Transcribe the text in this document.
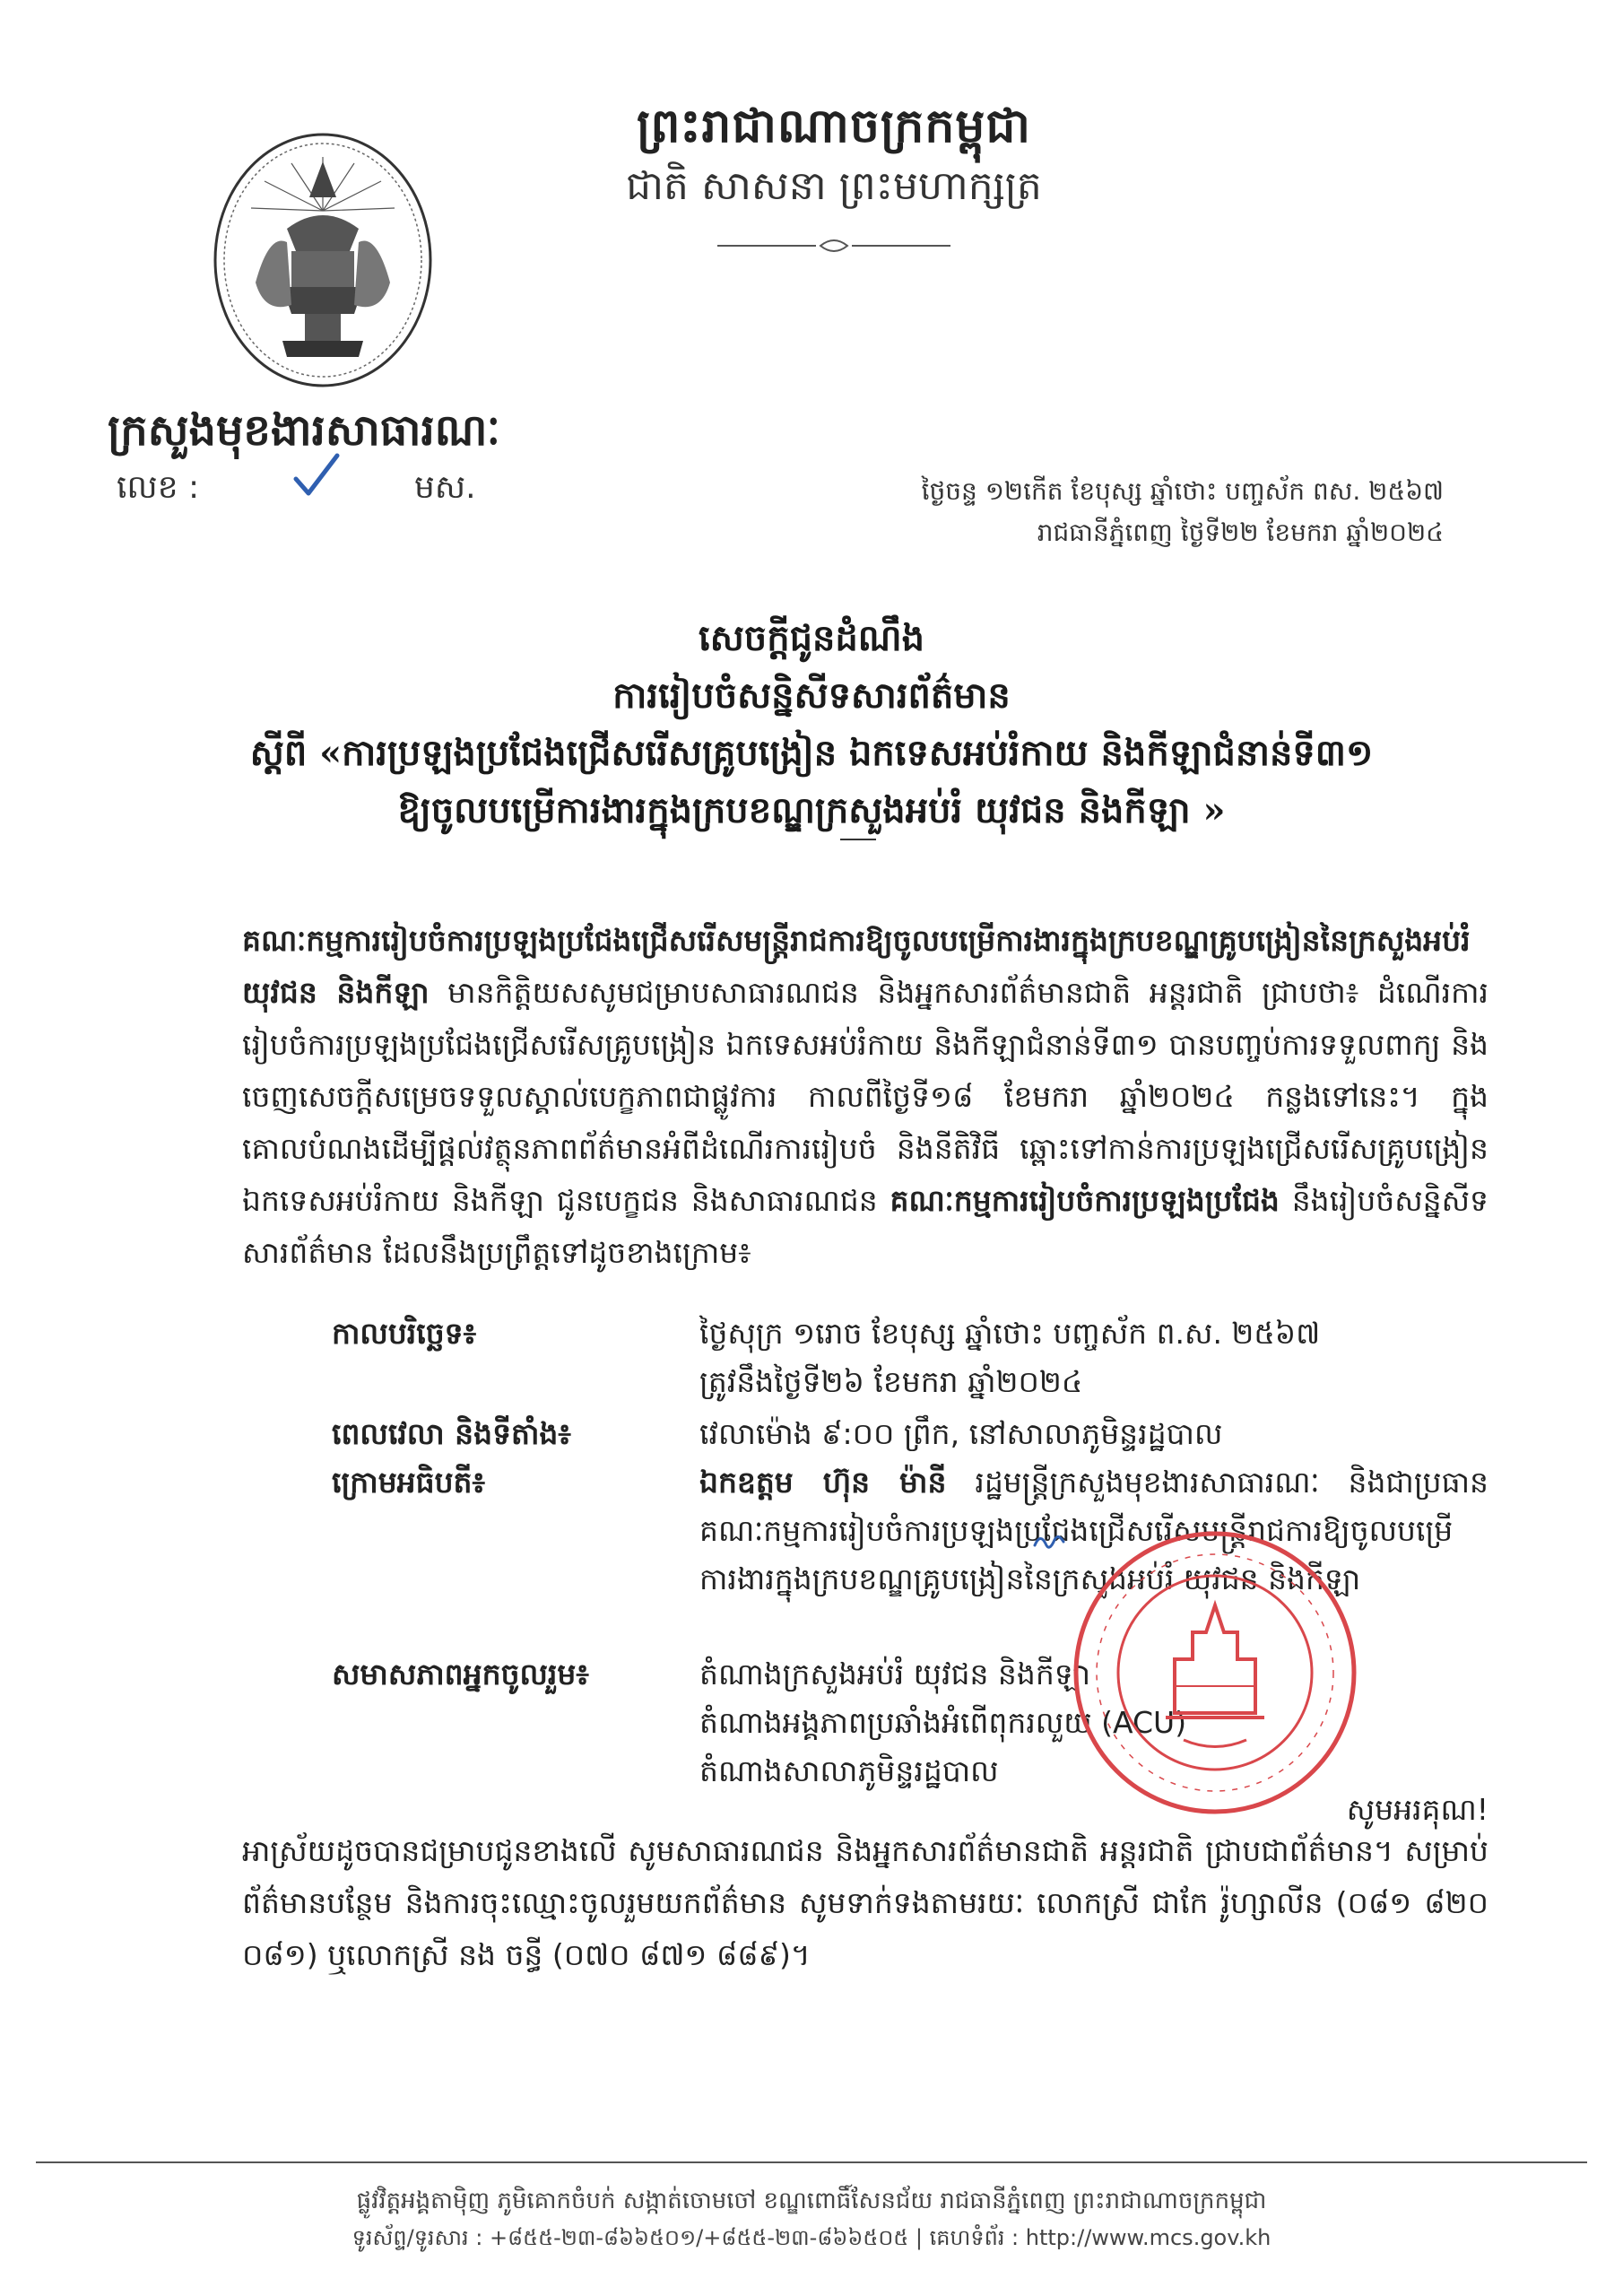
ព្រះរាជាណាចក្រកម្ពុជា
ជាតិ សាសនា ព្រះមហាក្សត្រ
ក្រសួងមុខងារសាធារណៈ
លេខ :	មស.	ថ្ងៃចន្ទ ១២កើត ខែបុស្ស ឆ្នាំថោះ បញ្ចស័ក ពស. ២៥៦៧
រាជធានីភ្នំពេញ ថ្ងៃទី២២ ខែមករា ឆ្នាំ២០២៤
សេចក្តីជូនដំណឹង
ការរៀបចំសន្និសីទសារព័ត៌មាន
ស្តីពី «ការប្រឡងប្រជែងជ្រើសរើសគ្រូបង្រៀន ឯកទេសអប់រំកាយ និងកីឡាជំនាន់ទី៣១
ឱ្យចូលបម្រើការងារក្នុងក្របខណ្ឌក្រសួងអប់រំ យុវជន និងកីឡា »
គណៈកម្មការរៀបចំការប្រឡងប្រជែងជ្រើសរើសមន្ត្រីរាជការឱ្យចូលបម្រើការងារក្នុងក្របខណ្ឌគ្រូបង្រៀននៃក្រសួងអប់រំ យុវជន និងកីឡា មានកិត្តិយសសូមជម្រាបសាធារណជន និងអ្នកសារព័ត៌មានជាតិ អន្តរជាតិ ជ្រាបថា៖ ដំណើរការរៀបចំការប្រឡងប្រជែងជ្រើសរើសគ្រូបង្រៀន ឯកទេសអប់រំកាយ និងកីឡាជំនាន់ទី៣១ បានបញ្ចប់ការទទួលពាក្យ និងចេញសេចក្តីសម្រេចទទួលស្គាល់បេក្ខភាពជាផ្លូវការ កាលពីថ្ងៃទី១៨ ខែមករា ឆ្នាំ២០២៤ កន្លងទៅនេះ។ ក្នុងគោលបំណងដើម្បីផ្តល់វត្ថុនភាពព័ត៌មានអំពីដំណើរការរៀបចំ និងនីតិវិធី ឆ្ពោះទៅកាន់ការប្រឡងជ្រើសរើសគ្រូបង្រៀនឯកទេសអប់រំកាយ និងកីឡា ជូនបេក្ខជន និងសាធារណជន គណៈកម្មការរៀបចំការប្រឡងប្រជែង នឹងរៀបចំសន្និសីទសារព័ត៌មាន ដែលនឹងប្រព្រឹត្តទៅដូចខាងក្រោម៖
កាលបរិច្ឆេទ៖	ថ្ងៃសុក្រ ១រោច ខែបុស្ស ឆ្នាំថោះ បញ្ចស័ក ព.ស. ២៥៦៧
ត្រូវនឹងថ្ងៃទី២៦ ខែមករា ឆ្នាំ២០២៤
ពេលវេលា និងទីតាំង៖	វេលាម៉ោង ៩:០០ ព្រឹក, នៅសាលាភូមិន្ទរដ្ឋបាល
ក្រោមអធិបតី៖	ឯកឧត្តម ហ៊ុន ម៉ានី រដ្ឋមន្ត្រីក្រសួងមុខងារសាធារណៈ និងជាប្រធានគណៈកម្មការរៀបចំការប្រឡងប្រជែងជ្រើសរើសមន្ត្រីរាជការឱ្យចូលបម្រើការងារក្នុងក្របខណ្ឌគ្រូបង្រៀននៃក្រសួងអប់រំ យុវជន និងកីឡា
សមាសភាពអ្នកចូលរួម៖	តំណាងក្រសួងអប់រំ យុវជន និងកីឡា
តំណាងអង្គភាពប្រឆាំងអំពើពុករលួយ (ACU)
តំណាងសាលាភូមិន្ទរដ្ឋបាល
អាស្រ័យដូចបានជម្រាបជូនខាងលើ សូមសាធារណជន និងអ្នកសារព័ត៌មានជាតិ អន្តរជាតិ ជ្រាបជាព័ត៌មាន។ សម្រាប់ព័ត៌មានបន្ថែម និងការចុះឈ្មោះចូលរួមយកព័ត៌មាន សូមទាក់ទងតាមរយៈ លោកស្រី ជាកែ រ៉ូហ្សាលីន (០៨១ ៨២០ ០៨១) ឬលោកស្រី នង ចន្ធី (០៧០ ៨៧១ ៨៨៩)។
សូមអរគុណ!
ផ្លូវវិត្តអង្គតាម៉ិញ ភូមិគោកចំបក់ សង្កាត់ចោមចៅ ខណ្ឌពោធិ៍សែនជ័យ រាជធានីភ្នំពេញ ព្រះរាជាណាចក្រកម្ពុជា
ទូរស័ព្ទ/ទូរសារ : +៨៥៥-២៣-៨៦៦៥០១/+៨៥៥-២៣-៨៦៦៥០៥ | គេហទំព័រ : http://www.mcs.gov.kh
